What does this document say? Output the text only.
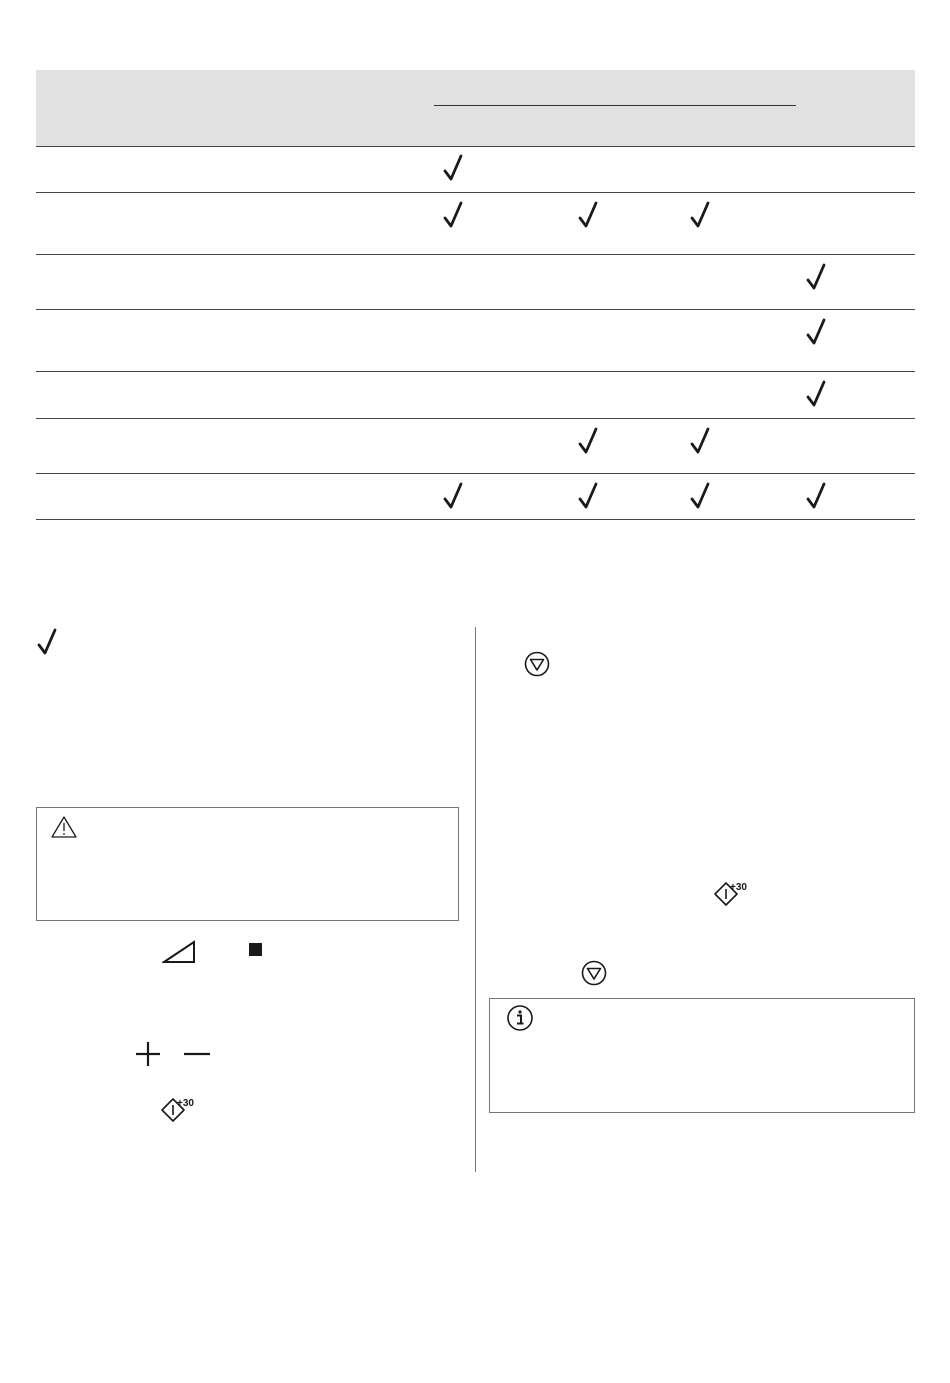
+30
+30
